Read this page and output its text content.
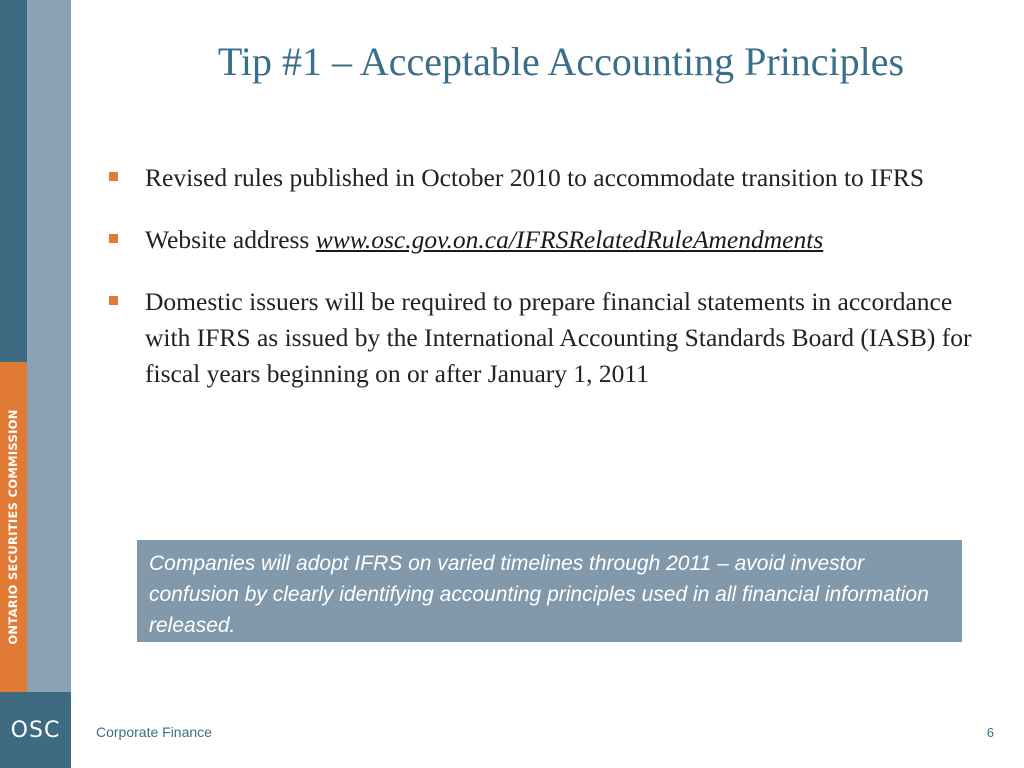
ONTARIO SECURITIES COMMISSION
OSC
Tip #1 – Acceptable Accounting Principles
Revised rules published in October 2010 to accommodate transition to IFRS
Website address www.osc.gov.on.ca/IFRSRelatedRuleAmendments
Domestic issuers will be required to prepare financial statements in accordance with IFRS as issued by the International Accounting Standards Board (IASB) for fiscal years beginning on or after January 1, 2011
Companies will adopt IFRS on varied timelines through 2011 – avoid investor confusion by clearly identifying accounting principles used in all financial information released.
Corporate Finance	6
